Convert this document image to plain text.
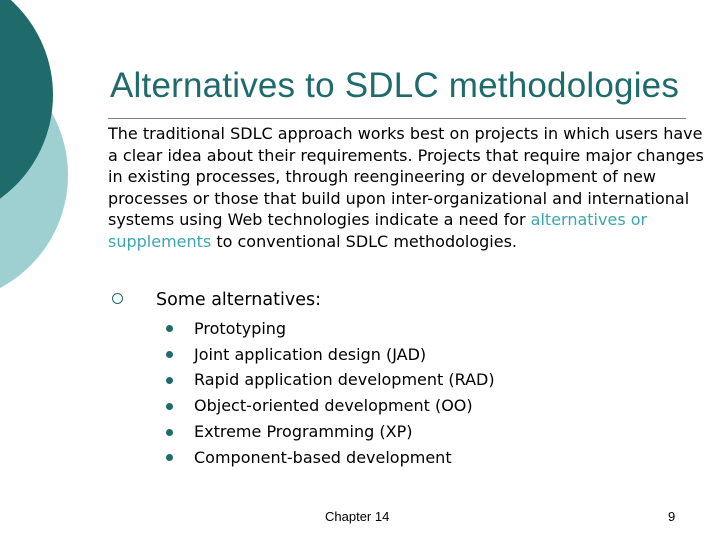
Alternatives to SDLC methodologies

The traditional SDLC approach works best on projects in which users have a clear idea about their requirements. Projects that require major changes in existing processes, through reengineering or development of new processes or those that build upon inter-organizational and international systems using Web technologies indicate a need for alternatives or supplements to conventional SDLC methodologies.

Some alternatives:
Prototyping
Joint application design (JAD)
Rapid application development (RAD)
Object-oriented development (OO)
Extreme Programming (XP)
Component-based development
Chapter 14	9
